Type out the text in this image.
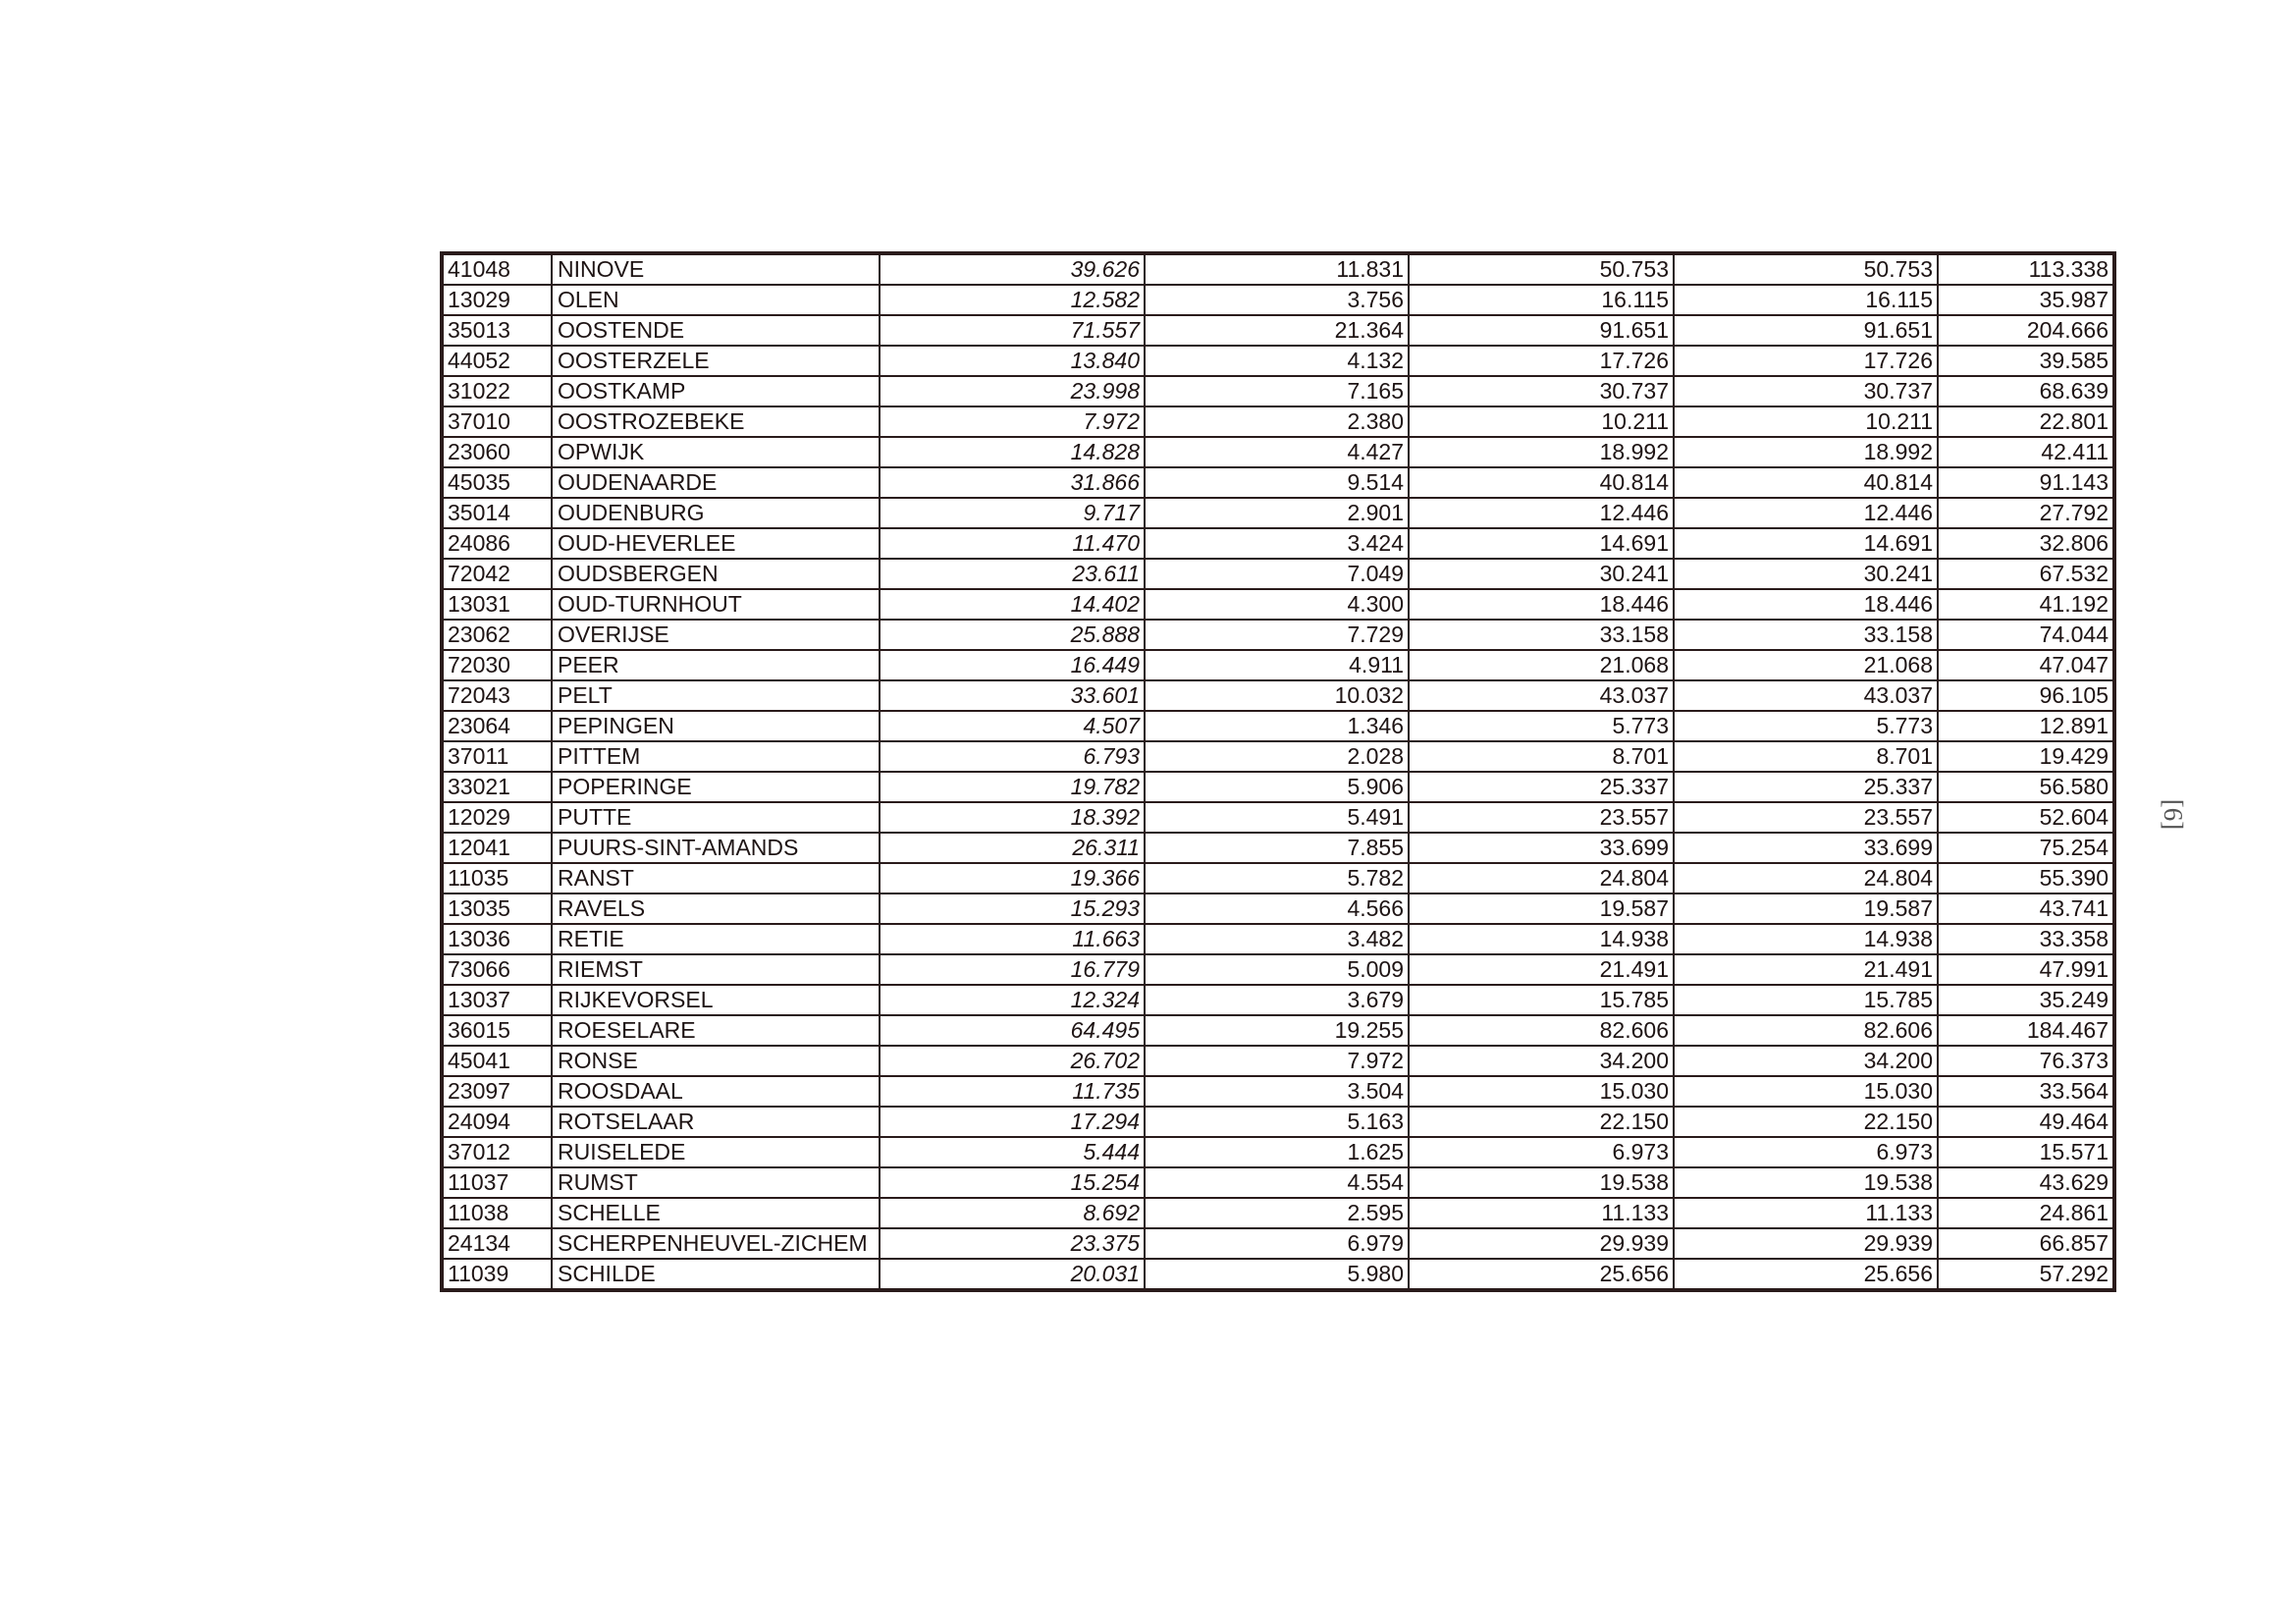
41048	NINOVE	39.626	11.831	50.753	50.753	113.338
13029	OLEN	12.582	3.756	16.115	16.115	35.987
35013	OOSTENDE	71.557	21.364	91.651	91.651	204.666
44052	OOSTERZELE	13.840	4.132	17.726	17.726	39.585
31022	OOSTKAMP	23.998	7.165	30.737	30.737	68.639
37010	OOSTROZEBEKE	7.972	2.380	10.211	10.211	22.801
23060	OPWIJK	14.828	4.427	18.992	18.992	42.411
45035	OUDENAARDE	31.866	9.514	40.814	40.814	91.143
35014	OUDENBURG	9.717	2.901	12.446	12.446	27.792
24086	OUD-HEVERLEE	11.470	3.424	14.691	14.691	32.806
72042	OUDSBERGEN	23.611	7.049	30.241	30.241	67.532
13031	OUD-TURNHOUT	14.402	4.300	18.446	18.446	41.192
23062	OVERIJSE	25.888	7.729	33.158	33.158	74.044
72030	PEER	16.449	4.911	21.068	21.068	47.047
72043	PELT	33.601	10.032	43.037	43.037	96.105
23064	PEPINGEN	4.507	1.346	5.773	5.773	12.891
37011	PITTEM	6.793	2.028	8.701	8.701	19.429
33021	POPERINGE	19.782	5.906	25.337	25.337	56.580
12029	PUTTE	18.392	5.491	23.557	23.557	52.604
12041	PUURS-SINT-AMANDS	26.311	7.855	33.699	33.699	75.254
11035	RANST	19.366	5.782	24.804	24.804	55.390
13035	RAVELS	15.293	4.566	19.587	19.587	43.741
13036	RETIE	11.663	3.482	14.938	14.938	33.358
73066	RIEMST	16.779	5.009	21.491	21.491	47.991
13037	RIJKEVORSEL	12.324	3.679	15.785	15.785	35.249
36015	ROESELARE	64.495	19.255	82.606	82.606	184.467
45041	RONSE	26.702	7.972	34.200	34.200	76.373
23097	ROOSDAAL	11.735	3.504	15.030	15.030	33.564
24094	ROTSELAAR	17.294	5.163	22.150	22.150	49.464
37012	RUISELEDE	5.444	1.625	6.973	6.973	15.571
11037	RUMST	15.254	4.554	19.538	19.538	43.629
11038	SCHELLE	8.692	2.595	11.133	11.133	24.861
24134	SCHERPENHEUVEL-ZICHEM	23.375	6.979	29.939	29.939	66.857
11039	SCHILDE	20.031	5.980	25.656	25.656	57.292
[6]
